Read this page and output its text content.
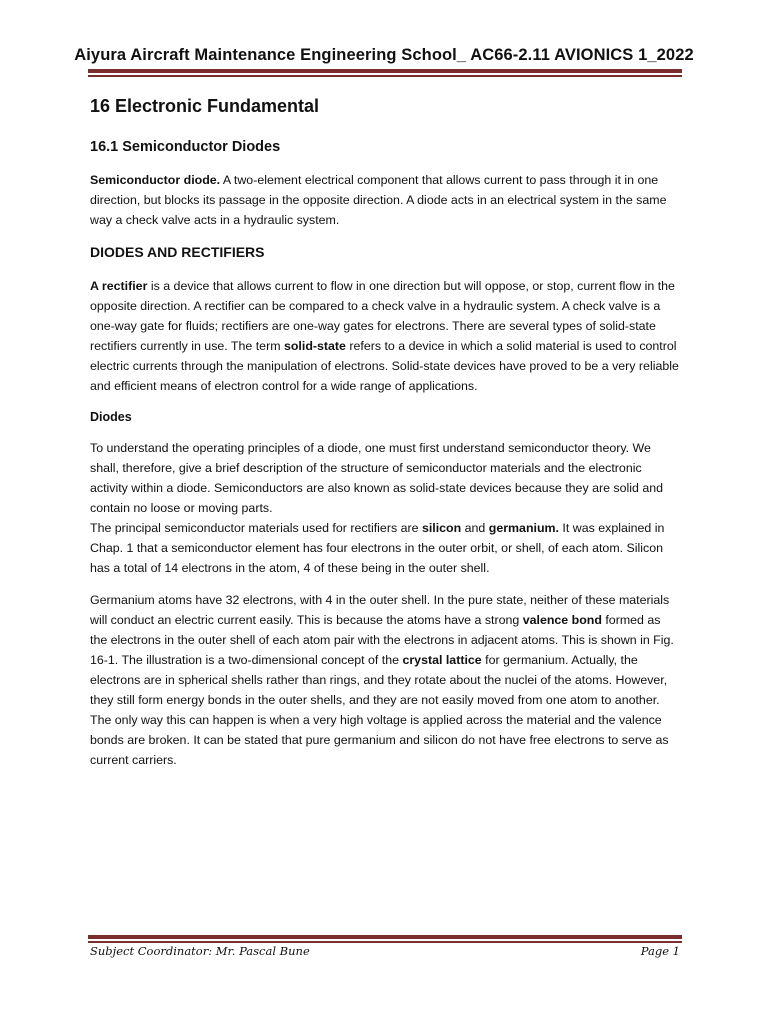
Aiyura Aircraft Maintenance Engineering School_ AC66-2.11 AVIONICS 1_2022
16 Electronic Fundamental
16.1 Semiconductor Diodes

Semiconductor diode. A two-element electrical component that allows current to pass through it in one direction, but blocks its passage in the opposite direction. A diode acts in an electrical system in the same way a check valve acts in a hydraulic system.

DIODES AND RECTIFIERS

A rectifier is a device that allows current to flow in one direction but will oppose, or stop, current flow in the opposite direction. A rectifier can be compared to a check valve in a hydraulic system. A check valve is a one-way gate for fluids; rectifiers are one-way gates for electrons. There are several types of solid-state rectifiers currently in use. The term solid-state refers to a device in which a solid material is used to control electric currents through the manipulation of electrons. Solid-state devices have proved to be a very reliable and efficient means of electron control for a wide range of applications.

Diodes

To understand the operating principles of a diode, one must first understand semiconductor theory. We shall, therefore, give a brief description of the structure of semiconductor materials and the electronic activity within a diode. Semiconductors are also known as solid-state devices because they are solid and contain no loose or moving parts.

The principal semiconductor materials used for rectifiers are silicon and germanium. It was explained in Chap. 1 that a semiconductor element has four electrons in the outer orbit, or shell, of each atom. Silicon has a total of 14 electrons in the atom, 4 of these being in the outer shell.

Germanium atoms have 32 electrons, with 4 in the outer shell. In the pure state, neither of these materials will conduct an electric current easily. This is because the atoms have a strong valence bond formed as the electrons in the outer shell of each atom pair with the electrons in adjacent atoms. This is shown in Fig. 16-1. The illustration is a two-dimensional concept of the crystal lattice for germanium. Actually, the electrons are in spherical shells rather than rings, and they rotate about the nuclei of the atoms. However, they still form energy bonds in the outer shells, and they are not easily moved from one atom to another. The only way this can happen is when a very high voltage is applied across the material and the valence bonds are broken. It can be stated that pure germanium and silicon do not have free electrons to serve as current carriers.

Subject Coordinator: Mr. Pascal Bune	Page 1
